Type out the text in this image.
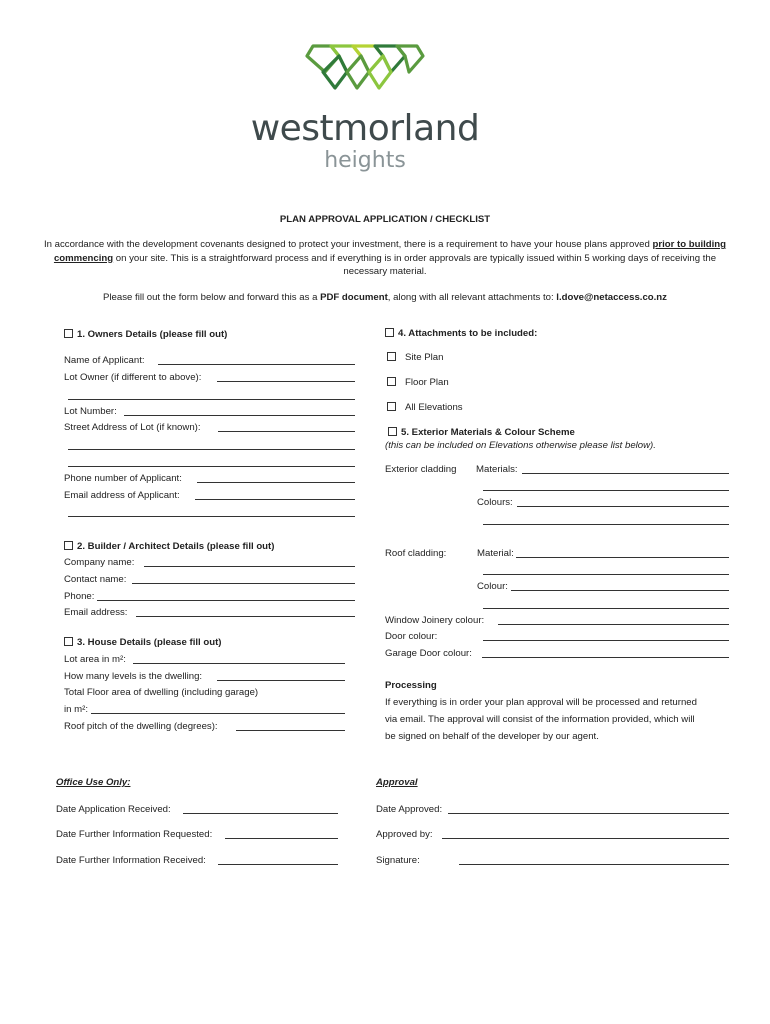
westmorland
heights
PLAN APPROVAL APPLICATION / CHECKLIST
In accordance with the development covenants designed to protect your investment, there is a requirement to have your house plans approved prior to building commencing on your site. This is a straightforward process and if everything is in order approvals are typically issued within 5 working days of receiving the necessary material.
Please fill out the form below and forward this as a PDF document, along with all relevant attachments to: l.dove@netaccess.co.nz
1. Owners Details (please fill out)
Name of Applicant:
Lot Owner (if different to above):
Lot Number:
Street Address of Lot (if known):
Phone number of Applicant:
Email address of Applicant:
2. Builder / Architect Details (please fill out)
Company name:
Contact name:
Phone:
Email address:
3. House Details (please fill out)
Lot area in m²:
How many levels is the dwelling:
Total Floor area of dwelling (including garage)
in m²:
Roof pitch of the dwelling (degrees):
4. Attachments to be included:
Site Plan
Floor Plan
All Elevations
5. Exterior Materials & Colour Scheme
(this can be included on Elevations otherwise please list below).
Exterior cladding Materials:
Colours:
Roof cladding:	Material:
Colour:
Window Joinery colour:
Door colour:
Garage Door colour:
Processing
If everything is in order your plan approval will be processed and returned
via email. The approval will consist of the information provided, which will
be signed on behalf of the developer by our agent.
Office Use Only:
Date Application Received:
Date Further Information Requested:
Date Further Information Received:
Approval
Date Approved:
Approved by:
Signature:
